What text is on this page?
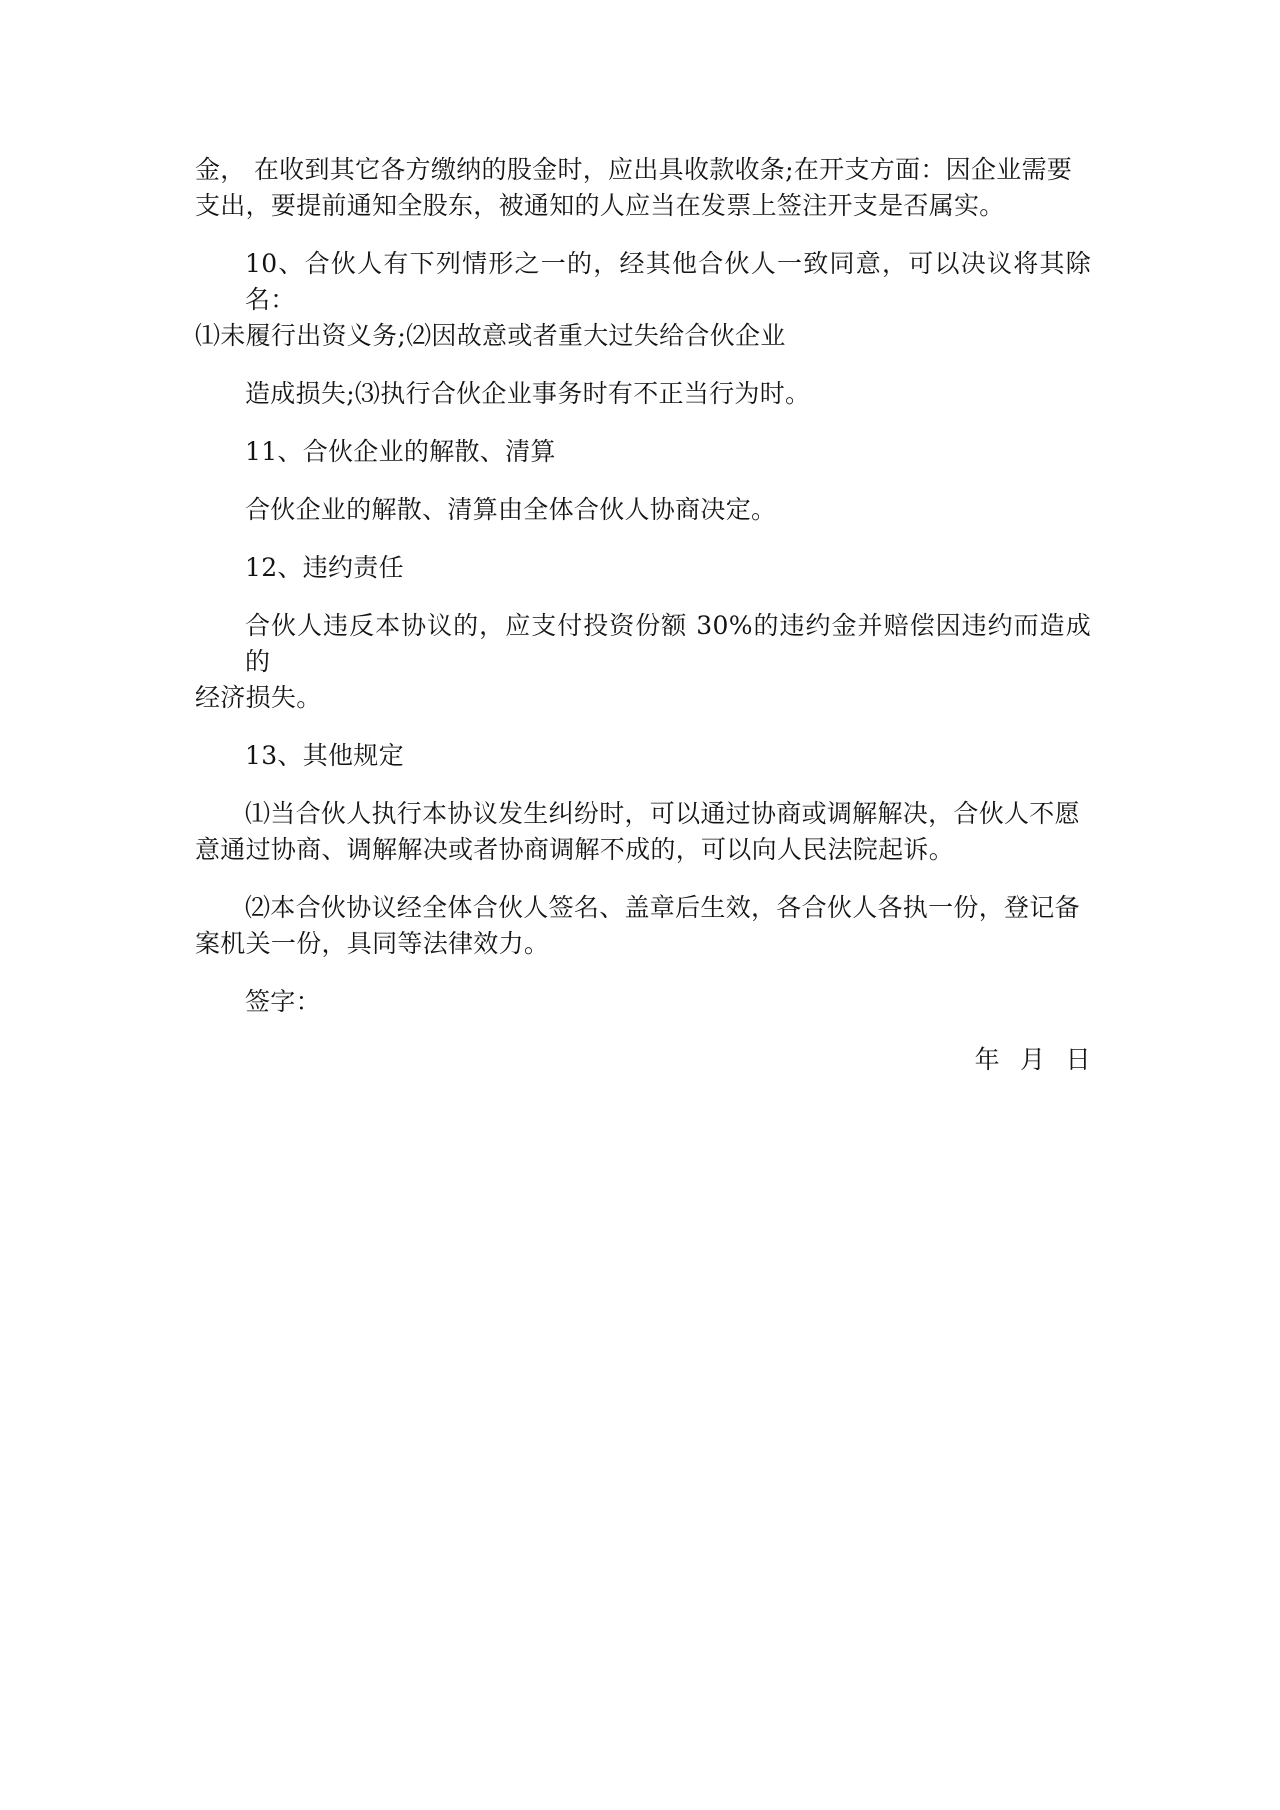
金， 在收到其它各方缴纳的股金时，应出具收款收条;在开支方面：因企业需要
支出，要提前通知全股东，被通知的人应当在发票上签注开支是否属实。

10、合伙人有下列情形之一的，经其他合伙人一致同意，可以决议将其除名：
⑴未履行出资义务;⑵因故意或者重大过失给合伙企业

造成损失;⑶执行合伙企业事务时有不正当行为时。

11、合伙企业的解散、清算

合伙企业的解散、清算由全体合伙人协商决定。

12、违约责任

合伙人违反本协议的，应支付投资份额 30%的违约金并赔偿因违约而造成的
经济损失。

13、其他规定

⑴当合伙人执行本协议发生纠纷时，可以通过协商或调解解决，合伙人不愿
意通过协商、调解解决或者协商调解不成的，可以向人民法院起诉。

⑵本合伙协议经全体合伙人签名、盖章后生效，各合伙人各执一份，登记备
案机关一份，具同等法律效力。

签字：

年 月 日
